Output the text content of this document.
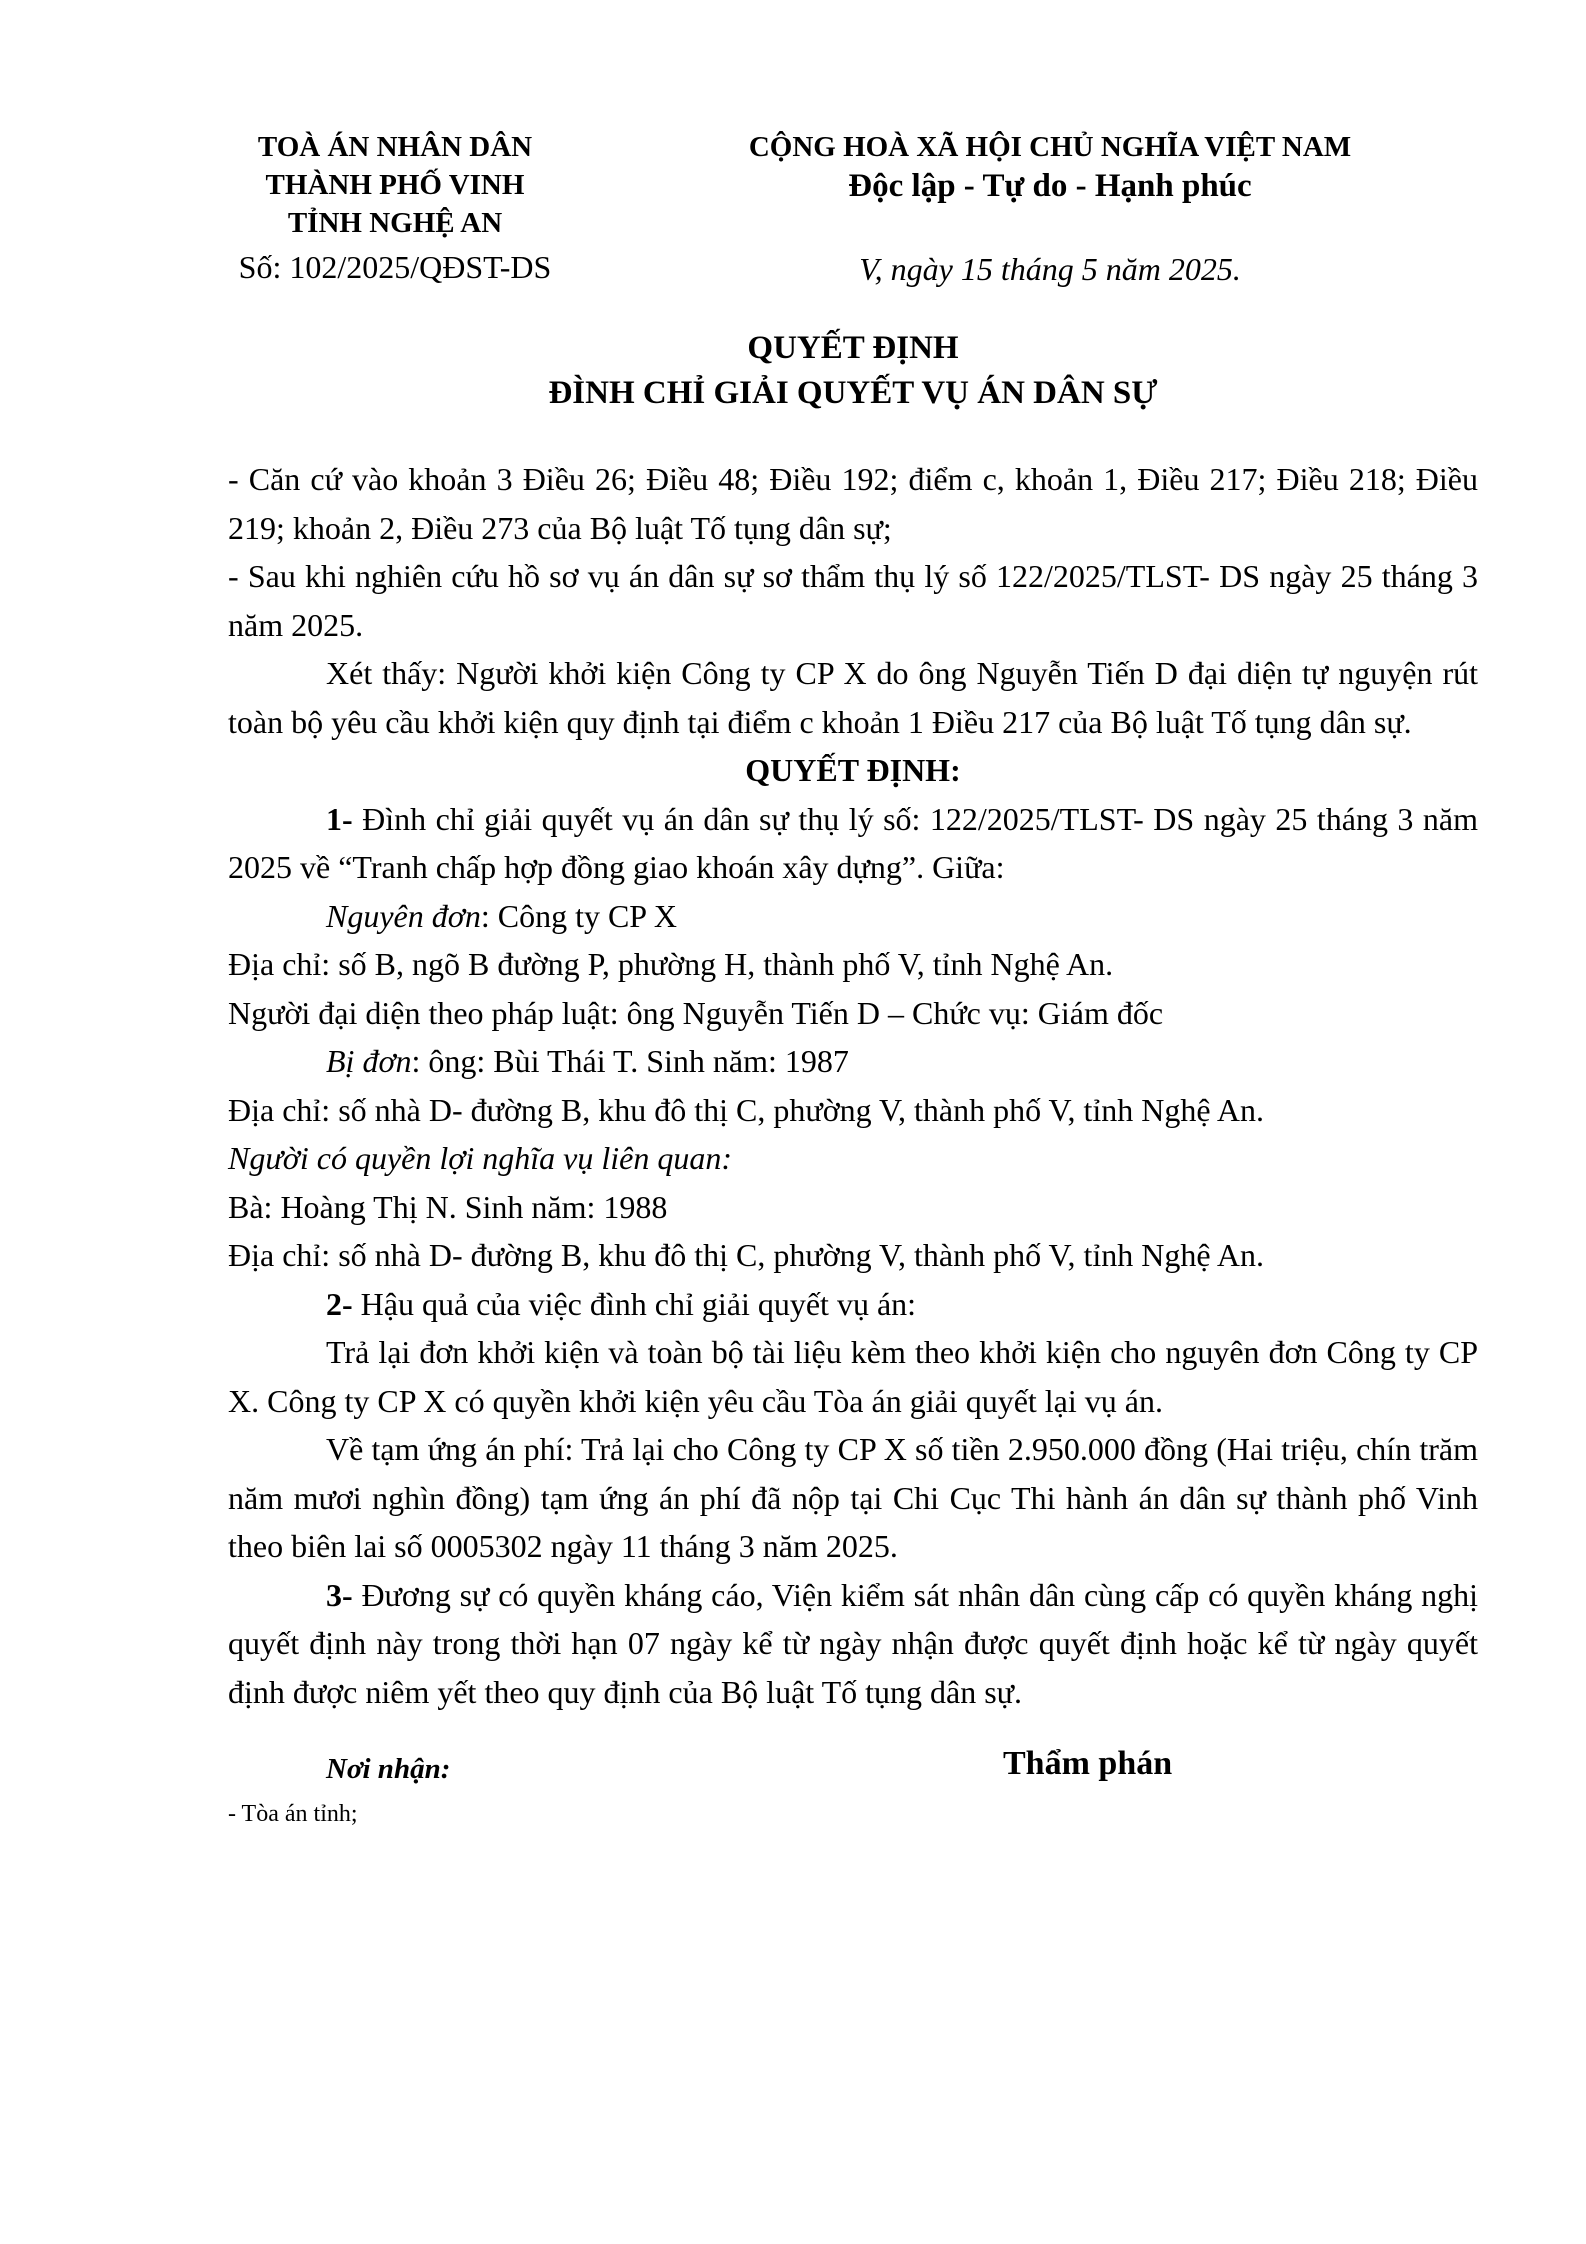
TOÀ ÁN NHÂN DÂN
THÀNH PHỐ VINH
TỈNH NGHỆ AN
Số: 102/2025/QĐST-DS
CỘNG HOÀ XÃ HỘI CHỦ NGHĨA VIỆT NAM
Độc lập - Tự do - Hạnh phúc
V, ngày 15 tháng 5 năm 2025.
QUYẾT ĐỊNH
ĐÌNH CHỈ GIẢI QUYẾT VỤ ÁN DÂN SỰ

- Căn cứ vào khoản 3 Điều 26; Điều 48; Điều 192; điểm c, khoản 1, Điều 217; Điều 218; Điều 219; khoản 2, Điều 273 của Bộ luật Tố tụng dân sự;

- Sau khi nghiên cứu hồ sơ vụ án dân sự sơ thẩm thụ lý số 122/2025/TLST- DS ngày 25 tháng 3 năm 2025.

Xét thấy: Người khởi kiện Công ty CP X do ông Nguyễn Tiến D đại diện tự nguyện rút toàn bộ yêu cầu khởi kiện quy định tại điểm c khoản 1 Điều 217 của Bộ luật Tố tụng dân sự.

QUYẾT ĐỊNH:

1- Đình chỉ giải quyết vụ án dân sự thụ lý số: 122/2025/TLST- DS ngày 25 tháng 3 năm 2025 về “Tranh chấp hợp đồng giao khoán xây dựng”. Giữa:

Nguyên đơn: Công ty CP X

Địa chỉ: số B, ngõ B đường P, phường H, thành phố V, tỉnh Nghệ An.

Người đại diện theo pháp luật: ông Nguyễn Tiến D – Chức vụ: Giám đốc

Bị đơn: ông: Bùi Thái T. Sinh năm: 1987

Địa chỉ: số nhà D- đường B, khu đô thị C, phường V, thành phố V, tỉnh Nghệ An.

Người có quyền lợi nghĩa vụ liên quan:

Bà: Hoàng Thị N. Sinh năm: 1988

Địa chỉ: số nhà D- đường B, khu đô thị C, phường V, thành phố V, tỉnh Nghệ An.

2- Hậu quả của việc đình chỉ giải quyết vụ án:

Trả lại đơn khởi kiện và toàn bộ tài liệu kèm theo khởi kiện cho nguyên đơn Công ty CP X. Công ty CP X có quyền khởi kiện yêu cầu Tòa án giải quyết lại vụ án.

Về tạm ứng án phí: Trả lại cho Công ty CP X số tiền 2.950.000 đồng (Hai triệu, chín trăm năm mươi nghìn đồng) tạm ứng án phí đã nộp tại Chi Cục Thi hành án dân sự thành phố Vinh theo biên lai số 0005302 ngày 11 tháng 3 năm 2025.

3- Đương sự có quyền kháng cáo, Viện kiểm sát nhân dân cùng cấp có quyền kháng nghị quyết định này trong thời hạn 07 ngày kể từ ngày nhận được quyết định hoặc kể từ ngày quyết định được niêm yết theo quy định của Bộ luật Tố tụng dân sự.

Nơi nhận:	Thẩm phán
- Tòa án tỉnh;
